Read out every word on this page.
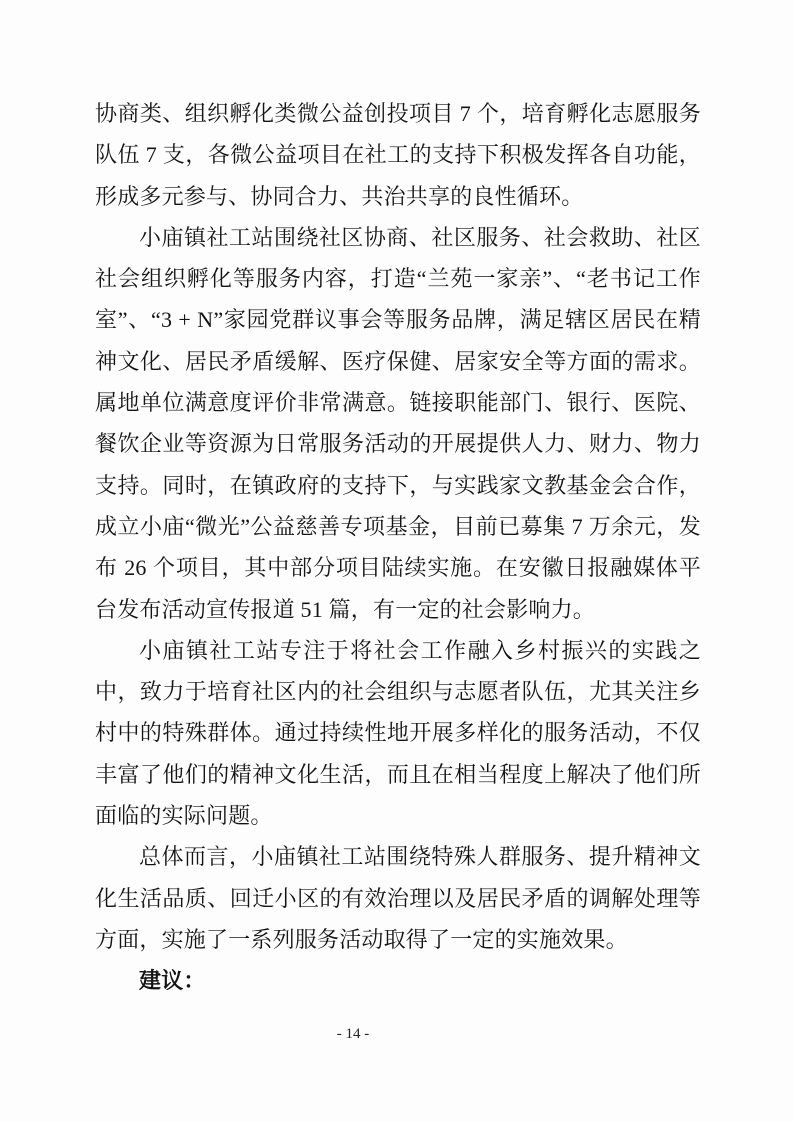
协商类、组织孵化类微公益创投项目 7 个，培育孵化志愿服务队伍 7 支，各微公益项目在社工的支持下积极发挥各自功能，形成多元参与、协同合力、共治共享的良性循环。

小庙镇社工站围绕社区协商、社区服务、社会救助、社区社会组织孵化等服务内容，打造“兰苑一家亲”、“老书记工作室”、“3 + N”家园党群议事会等服务品牌，满足辖区居民在精神文化、居民矛盾缓解、医疗保健、居家安全等方面的需求。属地单位满意度评价非常满意。链接职能部门、银行、医院、餐饮企业等资源为日常服务活动的开展提供人力、财力、物力支持。同时，在镇政府的支持下，与实践家文教基金会合作，成立小庙“微光”公益慈善专项基金，目前已募集 7 万余元，发布 26 个项目，其中部分项目陆续实施。在安徽日报融媒体平台发布活动宣传报道 51 篇，有一定的社会影响力。

小庙镇社工站专注于将社会工作融入乡村振兴的实践之中，致力于培育社区内的社会组织与志愿者队伍，尤其关注乡村中的特殊群体。通过持续性地开展多样化的服务活动，不仅丰富了他们的精神文化生活，而且在相当程度上解决了他们所面临的实际问题。

总体而言，小庙镇社工站围绕特殊人群服务、提升精神文化生活品质、回迁小区的有效治理以及居民矛盾的调解处理等方面，实施了一系列服务活动取得了一定的实施效果。

建议：

- 14 -
